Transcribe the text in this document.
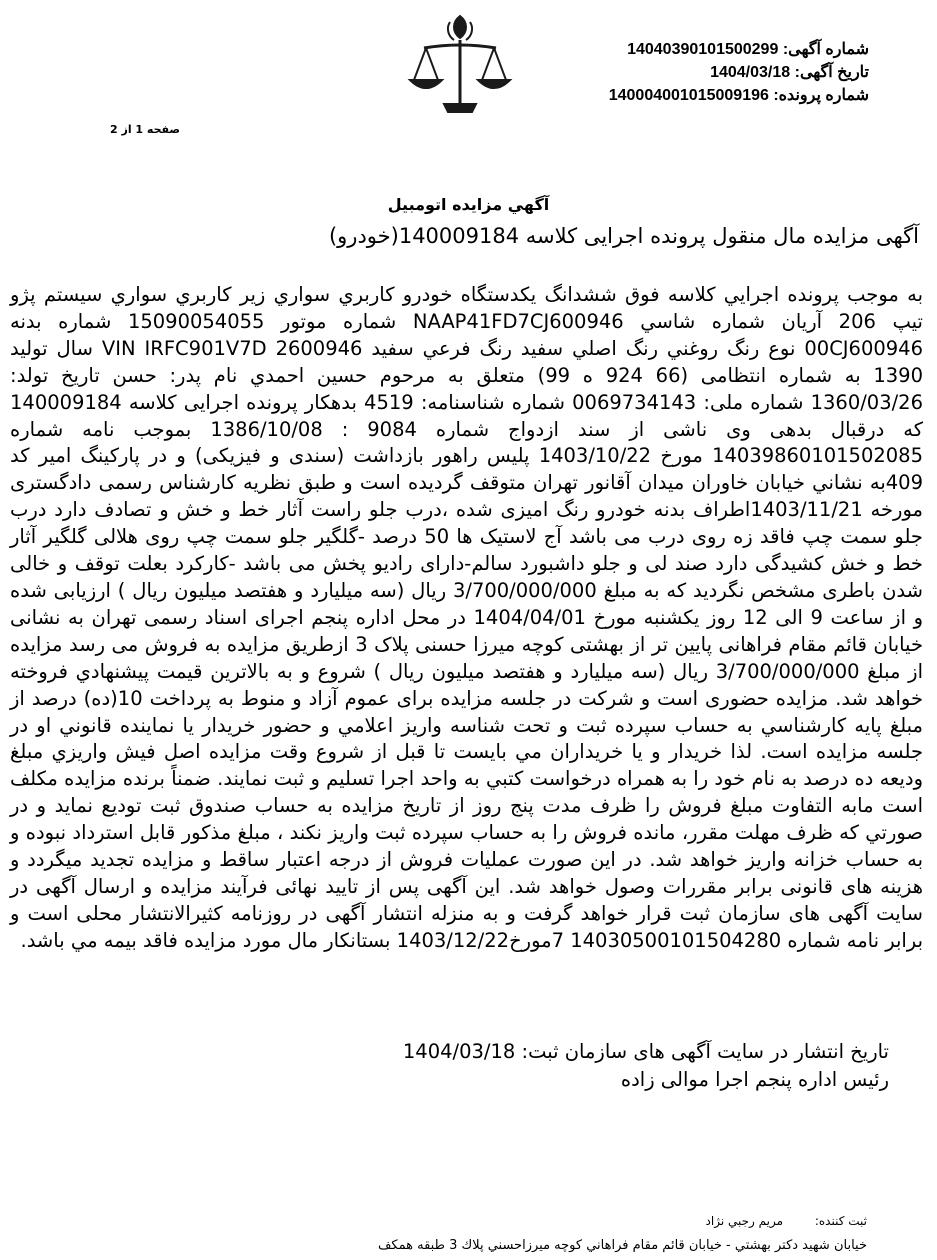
شماره آگهی: 14040390101500299
تاریخ آگهی: 1404/03/18
شماره پرونده: 140004001015009196
صفحه 1 از 2
آگهي مزايده اتومبيل
آگهی مزایده مال منقول پرونده اجرایی کلاسه 140009184(خودرو)

به موجب پرونده اجرايي كلاسه فوق ششدانگ يكدستگاه خودرو كاربري سواري زير كاربري سواري سيستم پژو تيپ 206 آريان شماره شاسي NAAP41FD7CJ600946 شماره موتور 15090054055 شماره بدنه 00CJ600946 نوع رنگ روغني رنگ اصلي سفيد رنگ فرعي سفيد VIN IRFC901V7D 2600946 سال توليد 1390 به شماره انتظامی (66 924 ه 99) متعلق به مرحوم حسين احمدي نام پدر: حسن تاریخ تولد: 1360/03/26 شماره ملی: 0069734143 شماره شناسنامه: 4519 بدهكار پرونده اجرایی کلاسه 140009184 که درقبال بدهی وی ناشی از سند ازدواج شماره 9084 : 1386/10/08 بموجب نامه شماره 14039860101502085 مورخ 1403/10/22 پليس راهور بازداشت (سندی و فيزيکی) و در پارکينگ امير کد 409به نشاني خيابان خاوران ميدان آقانور تهران متوقف گرديده است و طبق نظريه کارشناس رسمی دادگستری مورخه 1403/11/21اطراف بدنه خودرو رنگ اميزی شده ،درب جلو راست آثار خط و خش و تصادف دارد درب جلو سمت چپ فاقد زه روی درب می باشد آج لاستيک ها 50 درصد -گلگير جلو سمت چپ روی هلالی گلگير آثار خط و خش کشيدگی دارد صند لی و جلو داشبورد سالم-دارای راديو پخش می باشد -کارکرد بعلت توقف و خالی شدن باطری مشخص نگرديد که به مبلغ 3/700/000/000 ريال (سه ميليارد و هفتصد ميليون ريال ) ارزيابی شده و از ساعت 9 الی 12 روز يكشنبه مورخ 1404/04/01 در محل اداره پنجم اجرای اسناد رسمی تهران به نشانی خيابان قائم مقام فراهانی پايين تر از بهشتی کوچه ميرزا حسنی پلاک 3 ازطريق مزايده به فروش می رسد مزايده از مبلغ 3/700/000/000 ريال (سه ميليارد و هفتصد ميليون ريال ) شروع و به بالاترين قيمت پيشنهادي فروخته خواهد شد. مزايده حضوری است و شرکت در جلسه مزايده برای عموم آزاد و منوط به پرداخت 10(ده) درصد از مبلغ پايه كارشناسي به حساب سپرده ثبت و تحت شناسه واريز اعلامي و حضور خريدار يا نماينده قانوني او در جلسه مزايده است. لذا خريدار و يا خريداران مي بايست تا قبل از شروع وقت مزايده اصل فيش واريزي مبلغ وديعه ده درصد به نام خود را به همراه درخواست كتبي به واحد اجرا تسليم و ثبت نمايند. ضمناً برنده مزايده مكلف است مابه التفاوت مبلغ فروش را ظرف مدت پنج روز از تاريخ مزايده به حساب صندوق ثبت توديع نمايد و در صورتي كه ظرف مهلت مقرر، مانده فروش را به حساب سپرده ثبت واريز نكند ، مبلغ مذكور قابل استرداد نبوده و به حساب خزانه واريز خواهد شد. در اين صورت عمليات فروش از درجه اعتبار ساقط و مزايده تجديد ميگردد و هزينه های قانونی برابر مقررات وصول خواهد شد. اين آگهی پس از تاييد نهائی فرآيند مزايده و ارسال آگهی در سايت آگهی های سازمان ثبت قرار خواهد گرفت و به منزله انتشار آگهی در روزنامه کثيرالانتشار محلی است و برابر نامه شماره 14030500101504280 7مورخ1403/12/22 بستانکار مال مورد مزايده فاقد بيمه مي باشد.

تاریخ انتشار در سایت آگهی های سازمان ثبت: 1404/03/18
رئیس اداره پنجم اجرا موالی زاده
ثبت كننده: مريم رجبي نژاد
خيابان شهيد دكتر بهشتي - خيابان قائم مقام فراهاني كوچه ميرزاحسني پلاك 3 طبقه همكف
